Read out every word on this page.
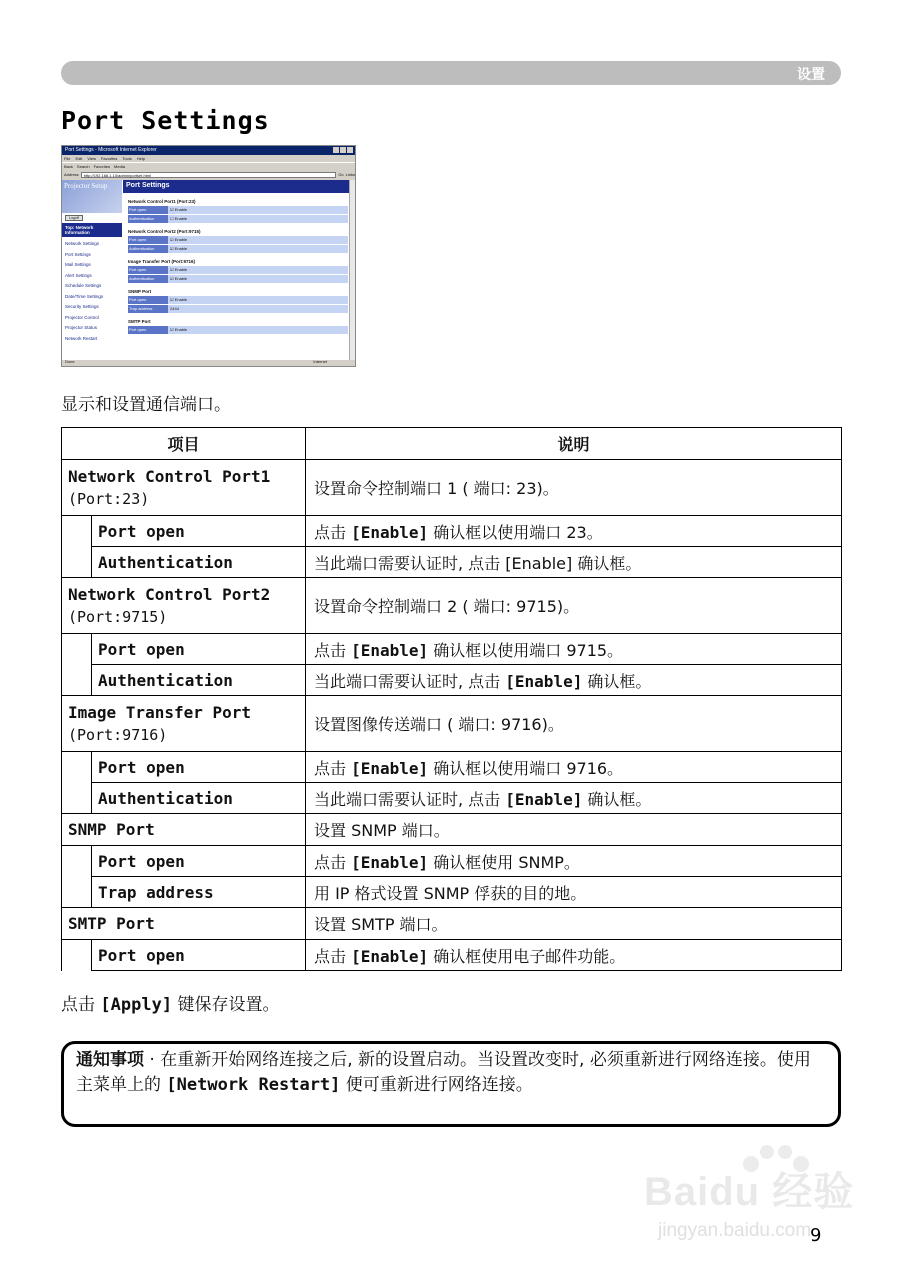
设置
Port Settings
Port Settings - Microsoft Internet Explorer
File Edit View Favorites Tools Help
Back Search Favorites Media
Address	http://192.168.1.10/admin/portset.html	Go Links
Projector Setup
Logoff
Top: Network Information
Network Settings
Port Settings
Mail Settings
Alert Settings
Schedule Settings
Date/Time Settings
Security Settings
Projector Control
Projector Status
Network Restart
Port Settings
Network Control Port1 (Port:23)
Port open	☑ Enable
Authentication	☐ Enable
Network Control Port2 (Port:9715)
Port open	☑ Enable
Authentication	☑ Enable
Image Transfer Port (Port:9716)
Port open	☑ Enable
Authentication	☑ Enable
SNMP Port
Port open	☑ Enable
Trap address	2444
SMTP Port
Port open	☑ Enable
Done	Internet
显示和设置通信端口。
项目		说明

Network Control Port1
(Port:23)		设置命令控制端口 1 ( 端口: 23)。
	Port open	点击 [Enable] 确认框以使用端口 23。
	Authentication	当此端口需要认证时, 点击 [Enable] 确认框。

Network Control Port2
(Port:9715)		设置命令控制端口 2 ( 端口: 9715)。
	Port open	点击 [Enable] 确认框以使用端口 9715。
	Authentication	当此端口需要认证时, 点击 [Enable] 确认框。

Image Transfer Port
(Port:9716)		设置图像传送端口 ( 端口: 9716)。
	Port open	点击 [Enable] 确认框以使用端口 9716。
	Authentication	当此端口需要认证时, 点击 [Enable] 确认框。

SNMP Port		设置 SNMP 端口。
	Port open	点击 [Enable] 确认框使用 SNMP。
	Trap address	用 IP 格式设置 SNMP 俘获的目的地。

SMTP Port		设置 SMTP 端口。
	Port open	点击 [Enable] 确认框使用电子邮件功能。
点击 [Apply] 键保存设置。
通知事项 · 在重新开始网络连接之后, 新的设置启动。当设置改变时, 必须重新进行网络连接。使用主菜单上的 [Network Restart] 便可重新进行网络连接。
Baidu 经验
jingyan.baidu.com
9
